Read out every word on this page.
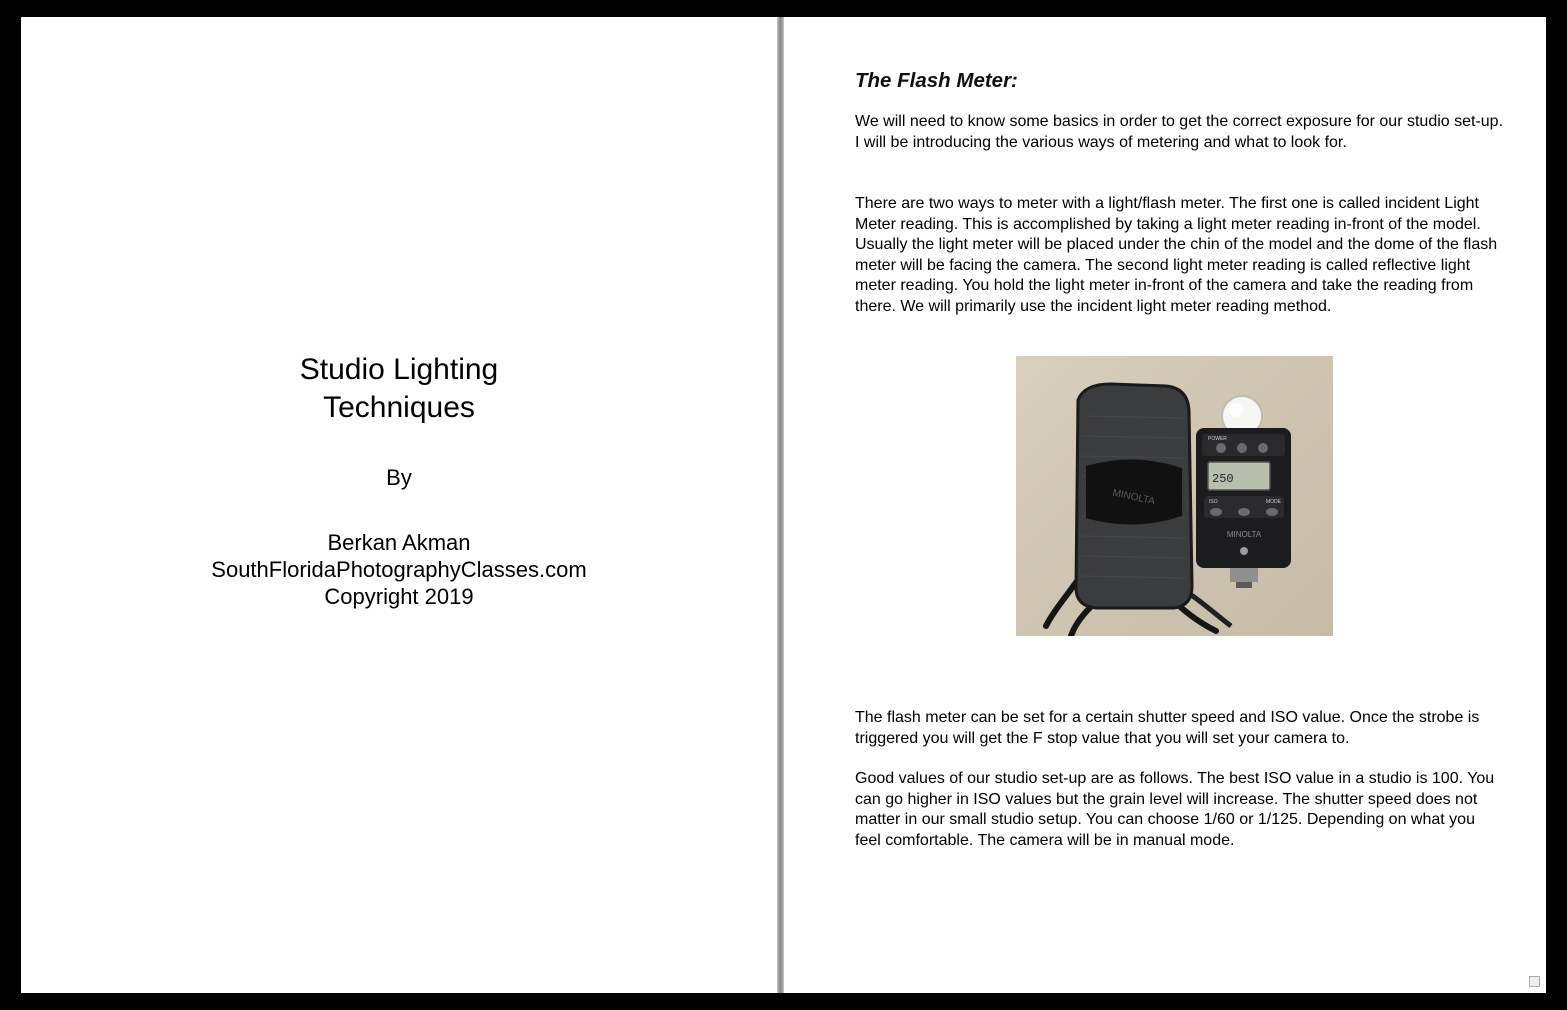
Studio Lighting
Techniques
By
Berkan Akman
SouthFloridaPhotographyClasses.com
Copyright 2019
The Flash Meter:

We will need to know some basics in order to get the correct exposure for our studio set-up. I will be introducing the various ways of metering and what to look for.

There are two ways to meter with a light/flash meter. The first one is called incident Light Meter reading. This is accomplished by taking a light meter reading in-front of the model. Usually the light meter will be placed under the chin of the model and the dome of the flash meter will be facing the camera. The second light meter reading is called reflective light meter reading. You hold the light meter in-front of the camera and take the reading from there. We will primarily use the incident light meter reading method.

MINOLTA
POWER
250
ISO	MODE
MINOLTA

The flash meter can be set for a certain shutter speed and ISO value. Once the strobe is triggered you will get the F stop value that you will set your camera to.

Good values of our studio set-up are as follows. The best ISO value in a studio is 100. You can go higher in ISO values but the grain level will increase. The shutter speed does not matter in our small studio setup. You can choose 1/60 or 1/125. Depending on what you feel comfortable. The camera will be in manual mode.
